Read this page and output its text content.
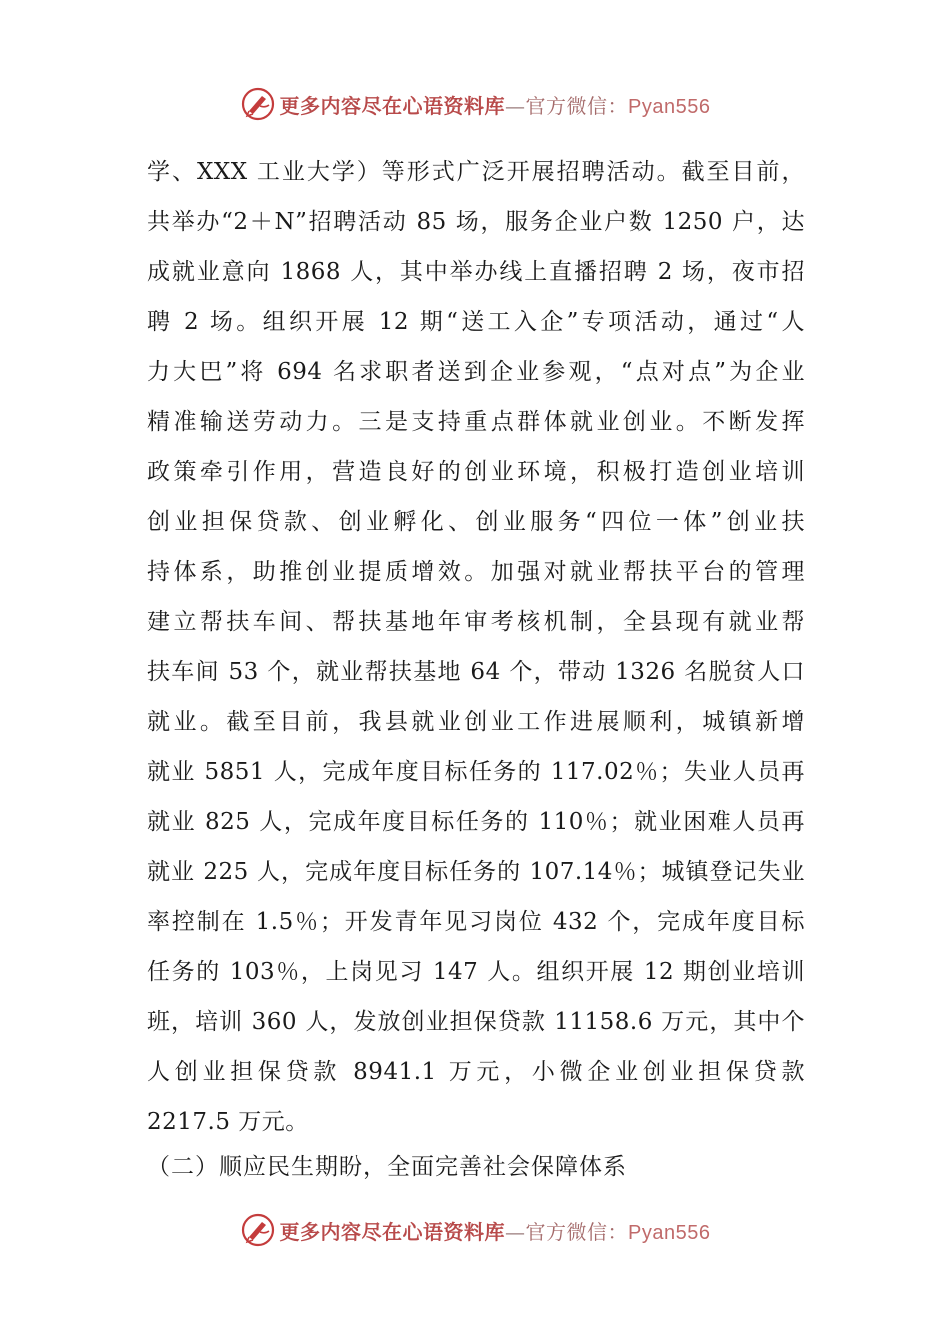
更多内容尽在心语资料库—官方微信：Pyan556
学、XXX 工业大学）等形式广泛开展招聘活动。截至目前，
共举办“2＋N”招聘活动 85 场，服务企业户数 1250 户，达
成就业意向 1868 人，其中举办线上直播招聘 2 场，夜市招
聘 2 场。组织开展 12 期“送工入企”专项活动，通过“人
力大巴”将 694 名求职者送到企业参观，“点对点”为企业
精准输送劳动力。三是支持重点群体就业创业。不断发挥
政策牵引作用，营造良好的创业环境，积极打造创业培训
创业担保贷款、创业孵化、创业服务“四位一体”创业扶
持体系，助推创业提质增效。加强对就业帮扶平台的管理
建立帮扶车间、帮扶基地年审考核机制，全县现有就业帮
扶车间 53 个，就业帮扶基地 64 个，带动 1326 名脱贫人口
就业。截至目前，我县就业创业工作进展顺利，城镇新增
就业 5851 人，完成年度目标任务的 117.02％；失业人员再
就业 825 人，完成年度目标任务的 110％；就业困难人员再
就业 225 人，完成年度目标任务的 107.14％；城镇登记失业
率控制在 1.5％；开发青年见习岗位 432 个，完成年度目标
任务的 103％，上岗见习 147 人。组织开展 12 期创业培训
班，培训 360 人，发放创业担保贷款 11158.6 万元，其中个
人创业担保贷款 8941.1 万元，小微企业创业担保贷款
2217.5 万元。
（二）顺应民生期盼，全面完善社会保障体系
更多内容尽在心语资料库—官方微信：Pyan556
